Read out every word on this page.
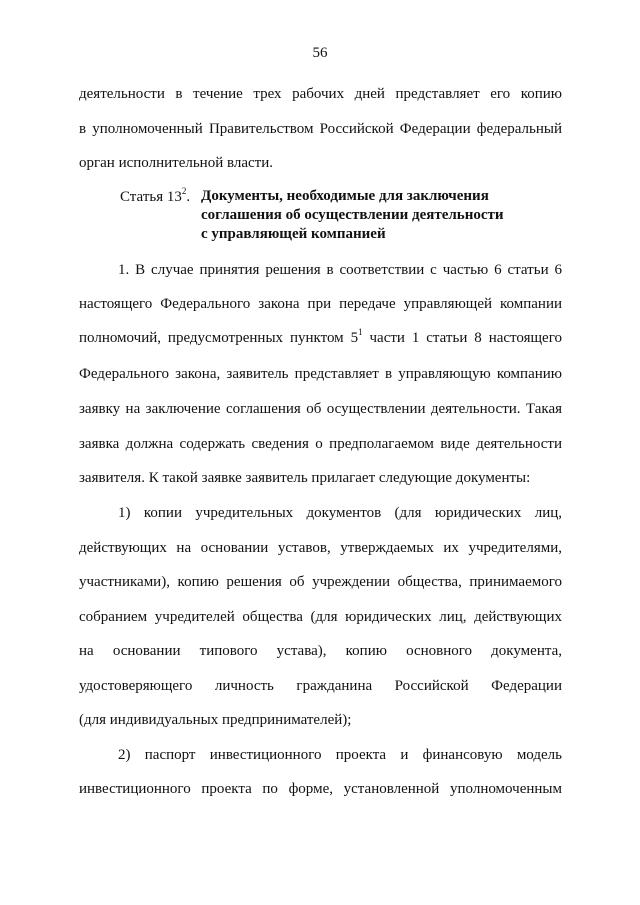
56
деятельности в течение трех рабочих дней представляет его копию
в уполномоченный Правительством Российской Федерации федеральный
орган исполнительной власти.
Статья $13^2$. Документы, необходимые для заключения
соглашения об осуществлении деятельности
с управляющей компанией
1. В случае принятия решения в соответствии с частью 6 статьи 6
настоящего Федерального закона при передаче управляющей компании
полномочий, предусмотренных пунктом $5^1$ части 1 статьи 8 настоящего
Федерального закона, заявитель представляет в управляющую компанию
заявку на заключение соглашения об осуществлении деятельности. Такая
заявка должна содержать сведения о предполагаемом виде деятельности
заявителя. К такой заявке заявитель прилагает следующие документы:
1) копии учредительных документов (для юридических лиц,
действующих на основании уставов, утверждаемых их учредителями,
участниками), копию решения об учреждении общества, принимаемого
собранием учредителей общества (для юридических лиц, действующих
на основании типового устава), копию основного документа,
удостоверяющего личность гражданина Российской Федерации
(для индивидуальных предпринимателей);
2) паспорт инвестиционного проекта и финансовую модель
инвестиционного проекта по форме, установленной уполномоченным
